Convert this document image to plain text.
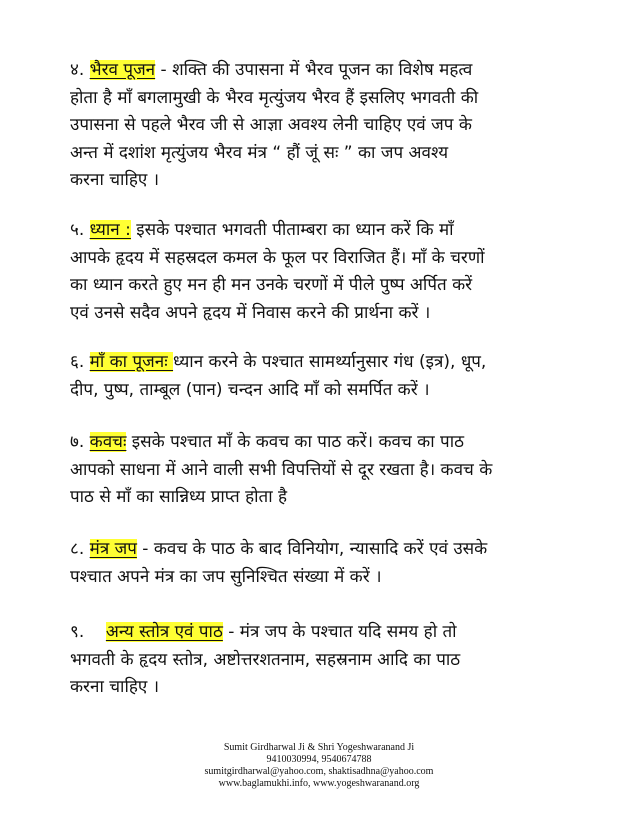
४. भैरव पूजन - शक्ति की उपासना में भैरव पूजन का विशेष महत्व
होता है माँ बगलामुखी के भैरव मृत्युंजय भैरव हैं इसलिए भगवती की
उपासना से पहले भैरव जी से आज्ञा अवश्य लेनी चाहिए एवं जप के
अन्त में दशांश मृत्युंजय भैरव मंत्र “ हौं जूं सः ” का जप अवश्य
करना चाहिए ।
५. ध्यान : इसके पश्चात भगवती पीताम्बरा का ध्यान करें कि माँ
आपके हृदय में सहस्रदल कमल के फूल पर विराजित हैं। माँ के चरणों
का ध्यान करते हुए मन ही मन उनके चरणों में पीले पुष्प अर्पित करें
एवं उनसे सदैव अपने हृदय में निवास करने की प्रार्थना करें ।
६. माँ का पूजनः ध्यान करने के पश्चात सामर्थ्यानुसार गंध (इत्र), धूप,
दीप, पुष्प, ताम्बूल (पान) चन्दन आदि माँ को समर्पित करें ।
७. कवचः इसके पश्चात माँ के कवच का पाठ करें। कवच का पाठ
आपको साधना में आने वाली सभी विपत्तियों से दूर रखता है। कवच के
पाठ से माँ का सान्निध्य प्राप्त होता है
८. मंत्र जप - कवच के पाठ के बाद विनियोग, न्यासादि करें एवं उसके
पश्चात अपने मंत्र का जप सुनिश्चित संख्या में करें ।
९. अन्य स्तोत्र एवं पाठ - मंत्र जप के पश्चात यदि समय हो तो
भगवती के हृदय स्तोत्र, अष्टोत्तरशतनाम, सहस्रनाम आदि का पाठ
करना चाहिए ।
Sumit Girdharwal Ji & Shri Yogeshwaranand Ji
9410030994, 9540674788
sumitgirdharwal@yahoo.com, shaktisadhna@yahoo.com
www.baglamukhi.info, www.yogeshwaranand.org
